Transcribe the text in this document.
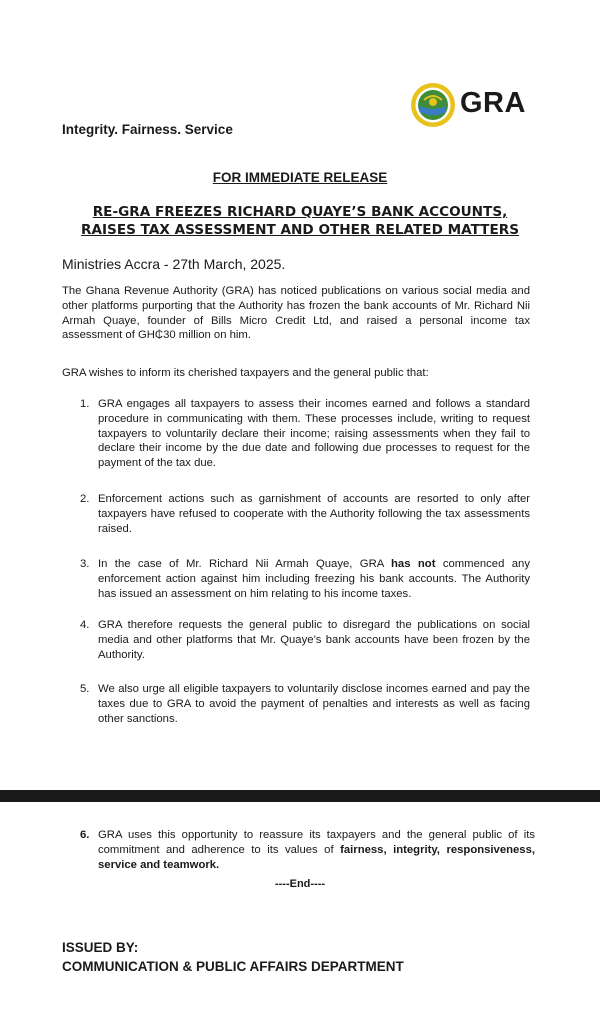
GRA
Integrity. Fairness. Service
FOR IMMEDIATE RELEASE
RE-GRA FREEZES RICHARD QUAYE’S BANK ACCOUNTS,
RAISES TAX ASSESSMENT AND OTHER RELATED MATTERS
Ministries Accra - 27th March, 2025.
The Ghana Revenue Authority (GRA) has noticed publications on various social media and other platforms purporting that the Authority has frozen the bank accounts of Mr. Richard Nii Armah Quaye, founder of Bills Micro Credit Ltd, and raised a personal income tax assessment of GH₵30 million on him.
GRA wishes to inform its cherished taxpayers and the general public that:
1. GRA engages all taxpayers to assess their incomes earned and follows a standard procedure in communicating with them. These processes include, writing to request taxpayers to voluntarily declare their income; raising assessments when they fail to declare their income by the due date and following due processes to request for the payment of the tax due.
2. Enforcement actions such as garnishment of accounts are resorted to only after taxpayers have refused to cooperate with the Authority following the tax assessments raised.
3. In the case of Mr. Richard Nii Armah Quaye, GRA has not commenced any enforcement action against him including freezing his bank accounts. The Authority has issued an assessment on him relating to his income taxes.
4. GRA therefore requests the general public to disregard the publications on social media and other platforms that Mr. Quaye’s bank accounts have been frozen by the Authority.
5. We also urge all eligible taxpayers to voluntarily disclose incomes earned and pay the taxes due to GRA to avoid the payment of penalties and interests as well as facing other sanctions.
6. GRA uses this opportunity to reassure its taxpayers and the general public of its commitment and adherence to its values of fairness, integrity, responsiveness, service and teamwork.
----End----
ISSUED BY:
COMMUNICATION & PUBLIC AFFAIRS DEPARTMENT
